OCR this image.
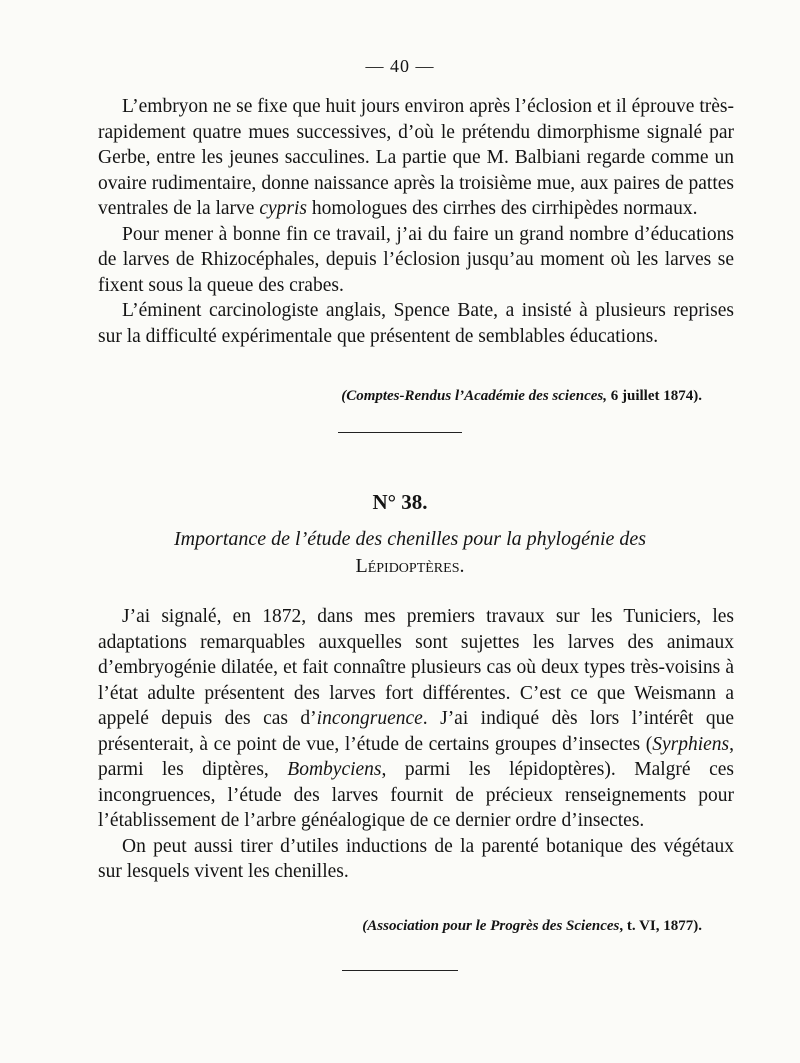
— 40 —

L’embryon ne se fixe que huit jours environ après l’éclosion et il éprouve très-rapidement quatre mues successives, d’où le prétendu dimorphisme signalé par Gerbe, entre les jeunes sacculines. La partie que M. Balbiani regarde comme un ovaire rudimentaire, donne naissance après la troisième mue, aux paires de pattes ventrales de la larve cypris homologues des cirrhes des cirrhipèdes normaux.

Pour mener à bonne fin ce travail, j’ai du faire un grand nombre d’éducations de larves de Rhizocéphales, depuis l’éclosion jusqu’au moment où les larves se fixent sous la queue des crabes.

L’éminent carcinologiste anglais, Spence Bate, a insisté à plusieurs reprises sur la difficulté expérimentale que présentent de semblables éducations.

(Comptes-Rendus l’Académie des sciences, 6 juillet 1874).
N° 38.
Importance de l’étude des chenilles pour la phylogénie des Lépidoptères.

J’ai signalé, en 1872, dans mes premiers travaux sur les Tuniciers, les adaptations remarquables auxquelles sont sujettes les larves des animaux d’embryogénie dilatée, et fait connaître plusieurs cas où deux types très-voisins à l’état adulte présentent des larves fort différentes. C’est ce que Weismann a appelé depuis des cas d’incongruence. J’ai indiqué dès lors l’intérêt que présenterait, à ce point de vue, l’étude de certains groupes d’insectes (Syrphiens, parmi les diptères, Bombyciens, parmi les lépidoptères). Malgré ces incongruences, l’étude des larves fournit de précieux renseignements pour l’établissement de l’arbre généalogique de ce dernier ordre d’insectes.

On peut aussi tirer d’utiles inductions de la parenté botanique des végétaux sur lesquels vivent les chenilles.

(Association pour le Progrès des Sciences, t. VI, 1877).
